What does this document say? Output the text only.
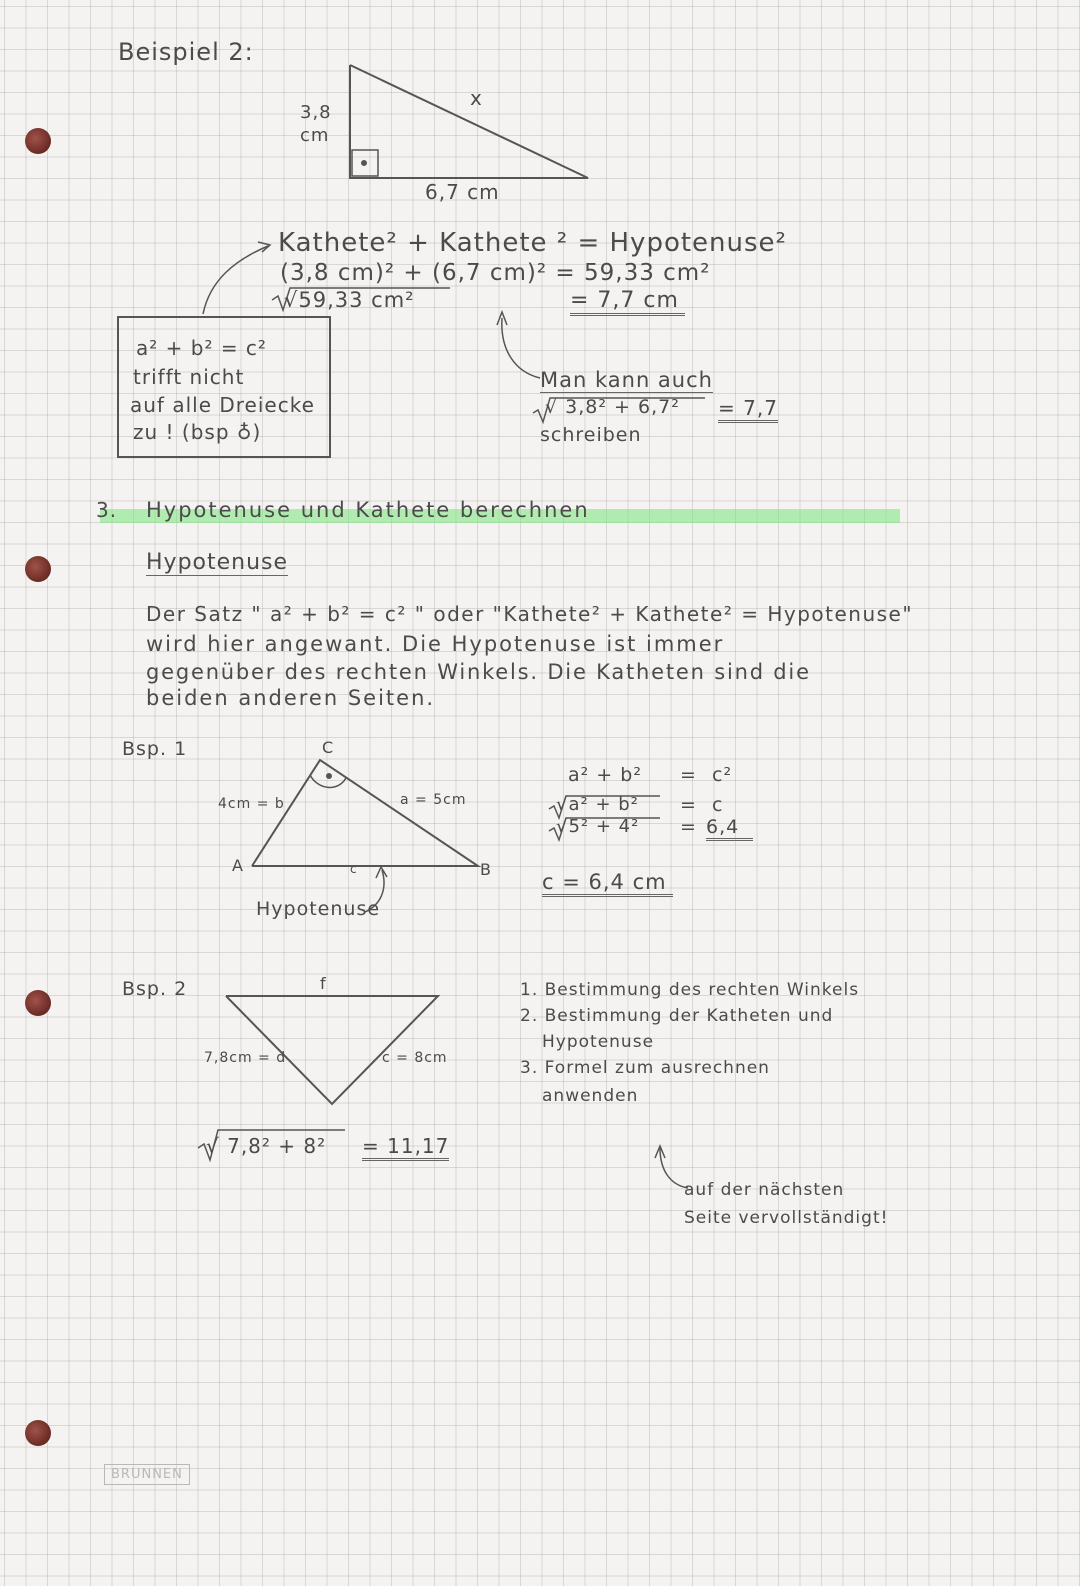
Beispiel 2:
3,8
cm
x
6,7 cm
Kathete² + Kathete ² = Hypotenuse²
(3,8 cm)² + (6,7 cm)² = 59,33 cm²
√59,33 cm²	= 7,7 cm
a² + b² = c²
trifft nicht
auf alle Dreiecke
zu ! (bsp ♁)
Man kann auch
√ 3,8² + 6,7² = 7,7
schreiben
3. Hypotenuse und Kathete berechnen
Hypotenuse
Der Satz " a² + b² = c² " oder "Kathete² + Kathete² = Hypotenuse"
wird hier angewant. Die Hypotenuse ist immer
gegenüber des rechten Winkels. Die Katheten sind die
beiden anderen Seiten.
Bsp. 1	C
4cm = b	a = 5cm
A	c	B
Hypotenuse
a² + b² = c²
√a² + b² = c
√5² + 4² = 6,4
c = 6,4 cm
Bsp. 2	f
7,8cm = d	c = 8cm
√ 7,8² + 8² = 11,17
1. Bestimmung des rechten Winkels
2. Bestimmung der Katheten und
Hypotenuse
3. Formel zum ausrechnen
anwenden
auf der nächsten
Seite vervollständigt!
BRUNNEN
